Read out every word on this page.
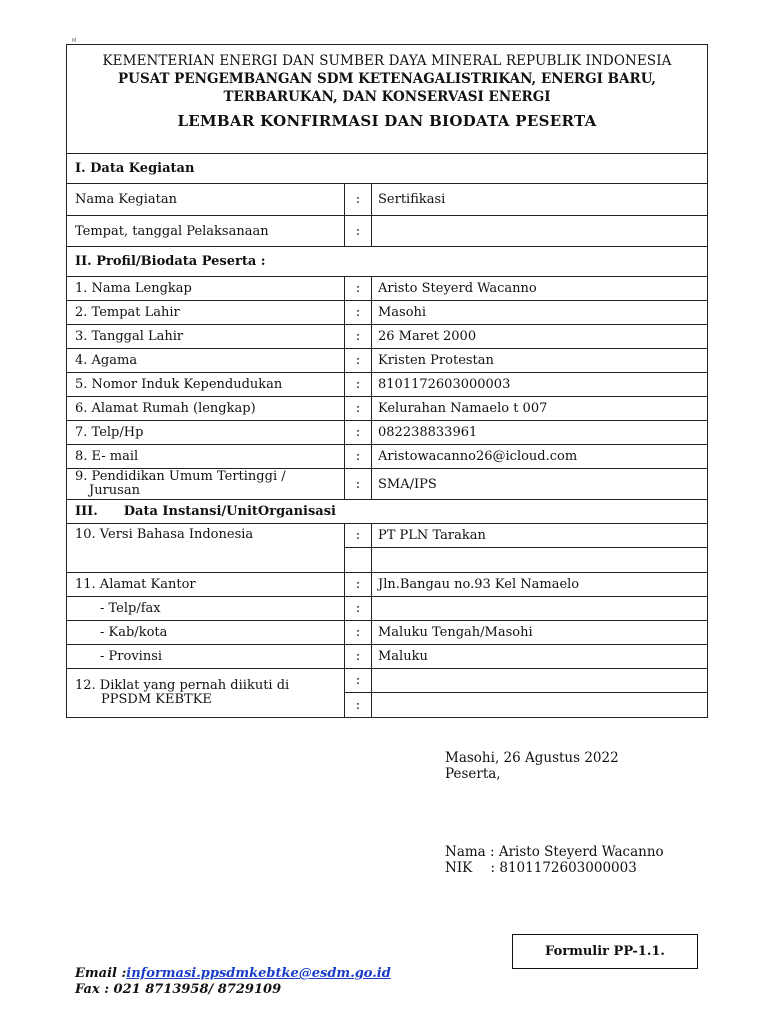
M
KEMENTERIAN ENERGI DAN SUMBER DAYA MINERAL REPUBLIK INDONESIA
PUSAT PENGEMBANGAN SDM KETENAGALISTRIKAN, ENERGI BARU,
TERBARUKAN, DAN KONSERVASI ENERGI
LEMBAR KONFIRMASI DAN BIODATA PESERTA
I. Data Kegiatan
Nama Kegiatan	:	Sertifikasi
Tempat, tanggal Pelaksanaan	:
II. Profil/Biodata Peserta :
1. Nama Lengkap	:	Aristo Steyerd Wacanno
2. Tempat Lahir	:	Masohi
3. Tanggal Lahir	:	26 Maret 2000
4. Agama	:	Kristen Protestan
5. Nomor Induk Kependudukan	:	8101172603000003
6. Alamat Rumah (lengkap)	:	Kelurahan Namaelo t 007
7. Telp/Hp	:	082238833961
8. E- mail	:	Aristowacanno26@icloud.com
9. Pendidikan Umum Tertinggi /
Jurusan	:	SMA/IPS
III. Data Instansi/UnitOrganisasi
10. Versi Bahasa Indonesia	:	PT PLN Tarakan
11. Alamat Kantor	:	Jln.Bangau no.93 Kel Namaelo
- Telp/fax	:
- Kab/kota	:	Maluku Tengah/Masohi
- Provinsi	:	Maluku
12. Diklat yang pernah diikuti di
PPSDM KEBTKE
:
:
Masohi, 26 Agustus 2022
Peserta,
Nama : Aristo Steyerd Wacanno
NIK : 8101172603000003
Formulir PP-1.1.
Email :informasi.ppsdmkebtke@esdm.go.id
Fax : 021 8713958/ 8729109
